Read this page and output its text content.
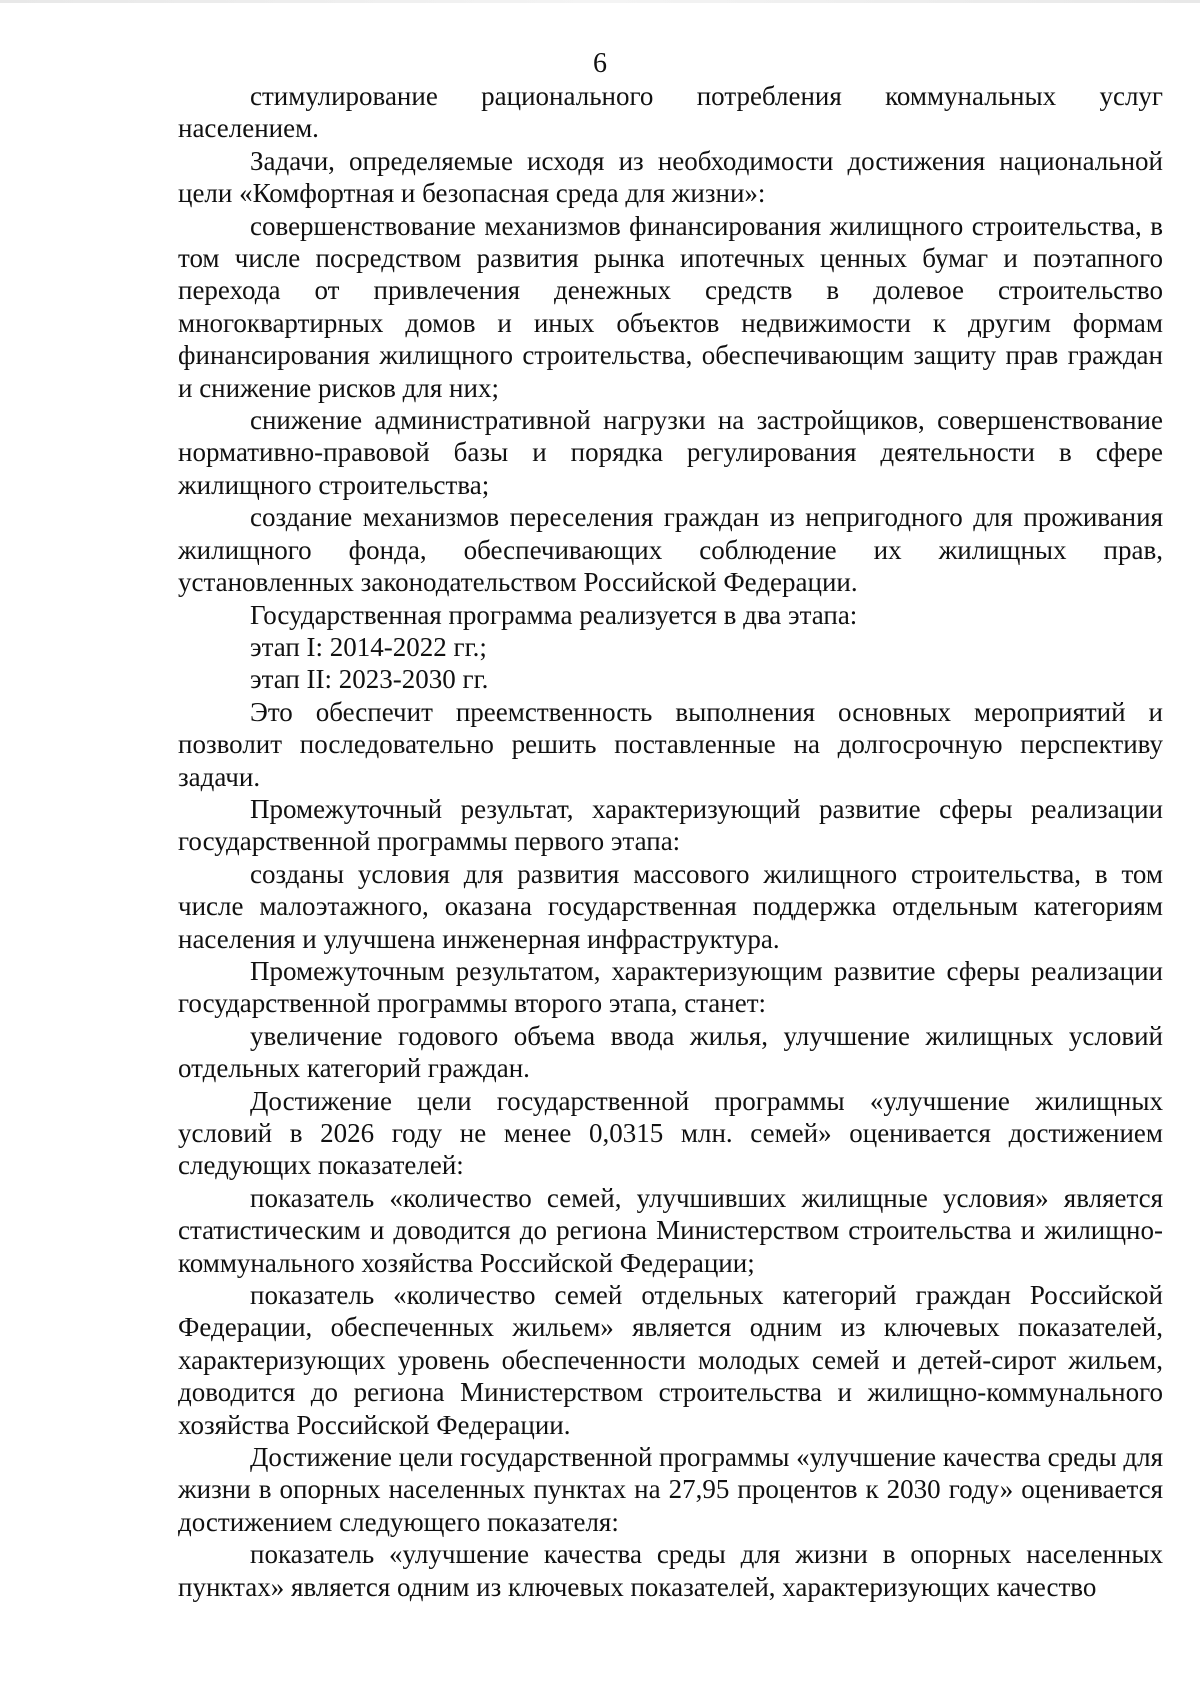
6

стимулирование рационального потребления коммунальных услуг населением.

Задачи, определяемые исходя из необходимости достижения национальной цели «Комфортная и безопасная среда для жизни»:

совершенствование механизмов финансирования жилищного строительства, в том числе посредством развития рынка ипотечных ценных бумаг и поэтапного перехода от привлечения денежных средств в долевое строительство многоквартирных домов и иных объектов недвижимости к другим формам финансирования жилищного строительства, обеспечивающим защиту прав граждан и снижение рисков для них;

снижение административной нагрузки на застройщиков, совершенствование нормативно-правовой базы и порядка регулирования деятельности в сфере жилищного строительства;

создание механизмов переселения граждан из непригодного для проживания жилищного фонда, обеспечивающих соблюдение их жилищных прав, установленных законодательством Российской Федерации.

Государственная программа реализуется в два этапа:

этап I: 2014-2022 гг.;

этап II: 2023-2030 гг.

Это обеспечит преемственность выполнения основных мероприятий и позволит последовательно решить поставленные на долгосрочную перспективу задачи.

Промежуточный результат, характеризующий развитие сферы реализации государственной программы первого этапа:

созданы условия для развития массового жилищного строительства, в том числе малоэтажного, оказана государственная поддержка отдельным категориям населения и улучшена инженерная инфраструктура.

Промежуточным результатом, характеризующим развитие сферы реализации государственной программы второго этапа, станет:

увеличение годового объема ввода жилья, улучшение жилищных условий отдельных категорий граждан.

Достижение цели государственной программы «улучшение жилищных условий в 2026 году не менее 0,0315 млн. семей» оценивается достижением следующих показателей:

показатель «количество семей, улучшивших жилищные условия» является статистическим и доводится до региона Министерством строительства и жилищно-коммунального хозяйства Российской Федерации;

показатель «количество семей отдельных категорий граждан Российской Федерации, обеспеченных жильем» является одним из ключевых показателей, характеризующих уровень обеспеченности молодых семей и детей-сирот жильем, доводится до региона Министерством строительства и жилищно-коммунального хозяйства Российской Федерации.

Достижение цели государственной программы «улучшение качества среды для жизни в опорных населенных пунктах на 27,95 процентов к 2030 году» оценивается достижением следующего показателя:

показатель «улучшение качества среды для жизни в опорных населенных пунктах» является одним из ключевых показателей, характеризующих качество
